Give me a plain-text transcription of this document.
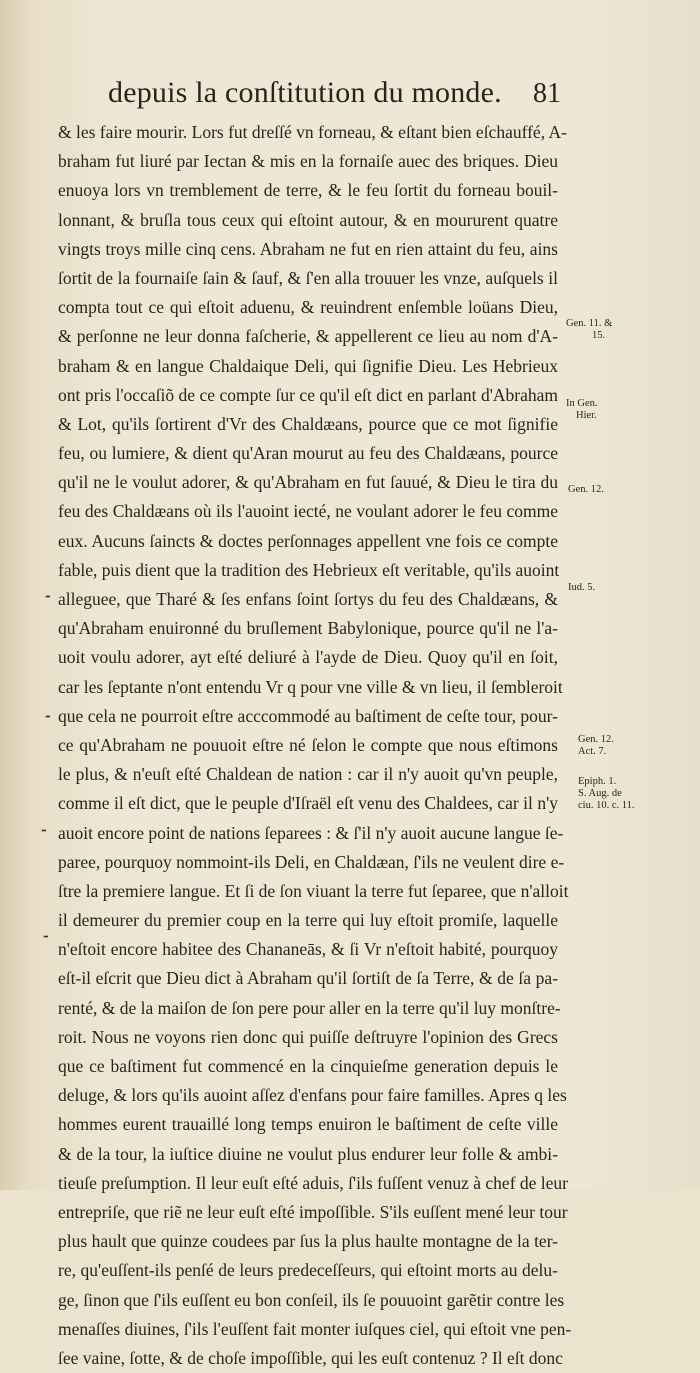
depuis la conſtitution du monde. 81
& les faire mourir. Lors fut dreſſé vn forneau, & eſtant bien eſchauffé, A-
braham fut liuré par Iectan & mis en la fornaiſe auec des briques. Dieu
enuoya lors vn tremblement de terre, & le feu ſortit du forneau bouil-
lonnant, & bruſla tous ceux qui eſtoint autour, & en moururent quatre
vingts troys mille cinq cens. Abraham ne fut en rien attaint du feu, ains
ſortit de la fournaiſe ſain & ſauf, & ſ'en alla trouuer les vnze, auſquels il
compta tout ce qui eſtoit aduenu, & reuindrent enſemble loüans Dieu,
& perſonne ne leur donna faſcherie, & appellerent ce lieu au nom d'A-
braham & en langue Chaldaique Deli, qui ſignifie Dieu. Les Hebrieux
ont pris l'occaſiõ de ce compte ſur ce qu'il eſt dict en parlant d'Abraham
& Lot, qu'ils ſortirent d'Vr des Chaldæans, pource que ce mot ſignifie
feu, ou lumiere, & dient qu'Aran mourut au feu des Chaldæans, pource
qu'il ne le voulut adorer, & qu'Abraham en fut ſauué, & Dieu le tira du
feu des Chaldæans où ils l'auoint iecté, ne voulant adorer le feu comme
eux. Aucuns ſaincts & doctes perſonnages appellent vne fois ce compte
fable, puis dient que la tradition des Hebrieux eſt veritable, qu'ils auoint
alleguee, que Tharé & ſes enfans ſoint ſortys du feu des Chaldæans, &
qu'Abraham enuironné du bruſlement Babylonique, pource qu'il ne l'a-
uoit voulu adorer, ayt eſté deliuré à l'ayde de Dieu. Quoy qu'il en ſoit,
car les ſeptante n'ont entendu Vr q pour vne ville & vn lieu, il ſembleroit
que cela ne pourroit eſtre acccommodé au baſtiment de ceſte tour, pour-
ce qu'Abraham ne pouuoit eſtre né ſelon le compte que nous eſtimons
le plus, & n'euſt eſté Chaldean de nation : car il n'y auoit qu'vn peuple,
comme il eſt dict, que le peuple d'Iſraël eſt venu des Chaldees, car il n'y
auoit encore point de nations ſeparees : & ſ'il n'y auoit aucune langue ſe-
paree, pourquoy nommoint-ils Deli, en Chaldæan, ſ'ils ne veulent dire e-
ſtre la premiere langue. Et ſi de ſon viuant la terre fut ſeparee, que n'alloit
il demeurer du premier coup en la terre qui luy eſtoit promiſe, laquelle
n'eſtoit encore habitee des Chananeās, & ſi Vr n'eſtoit habité, pourquoy
eſt-il eſcrit que Dieu dict à Abraham qu'il ſortiſt de ſa Terre, & de ſa pa-
renté, & de la maiſon de ſon pere pour aller en la terre qu'il luy monſtre-
roit. Nous ne voyons rien donc qui puiſſe deſtruyre l'opinion des Grecs
que ce baſtiment fut commencé en la cinquieſme generation depuis le
deluge, & lors qu'ils auoint aſſez d'enfans pour faire familles. Apres q les
hommes eurent trauaillé long temps enuiron le baſtiment de ceſte ville
& de la tour, la iuſtice diuine ne voulut plus endurer leur folle & ambi-
tieuſe preſumption. Il leur euſt eſté aduis, ſ'ils fuſſent venuz à chef de leur
entrepriſe, que riẽ ne leur euſt eſté impoſſible. S'ils euſſent mené leur tour
plus hault que quinze coudees par ſus la plus haulte montagne de la ter-
re, qu'euſſent-ils penſé de leurs predeceſſeurs, qui eſtoint morts au delu-
ge, ſinon que ſ'ils euſſent eu bon conſeil, ils ſe pouuoint garẽtir contre les
menaſſes diuines, ſ'ils l'euſſent fait monter iuſques ciel, qui eſtoit vne pen-
ſee vaine, ſotte, & de choſe impoſſible, qui les euſt contenuz ? Il eſt donc
⁃
⁃
⁃
⁃
Gen. 11. &
15.
In Gen.
Hier.
Gen. 12.
Iud. 5.
Gen. 12.
Act. 7.
Epiph. 1.
S. Aug. de
ciu. 10. c. 11.
